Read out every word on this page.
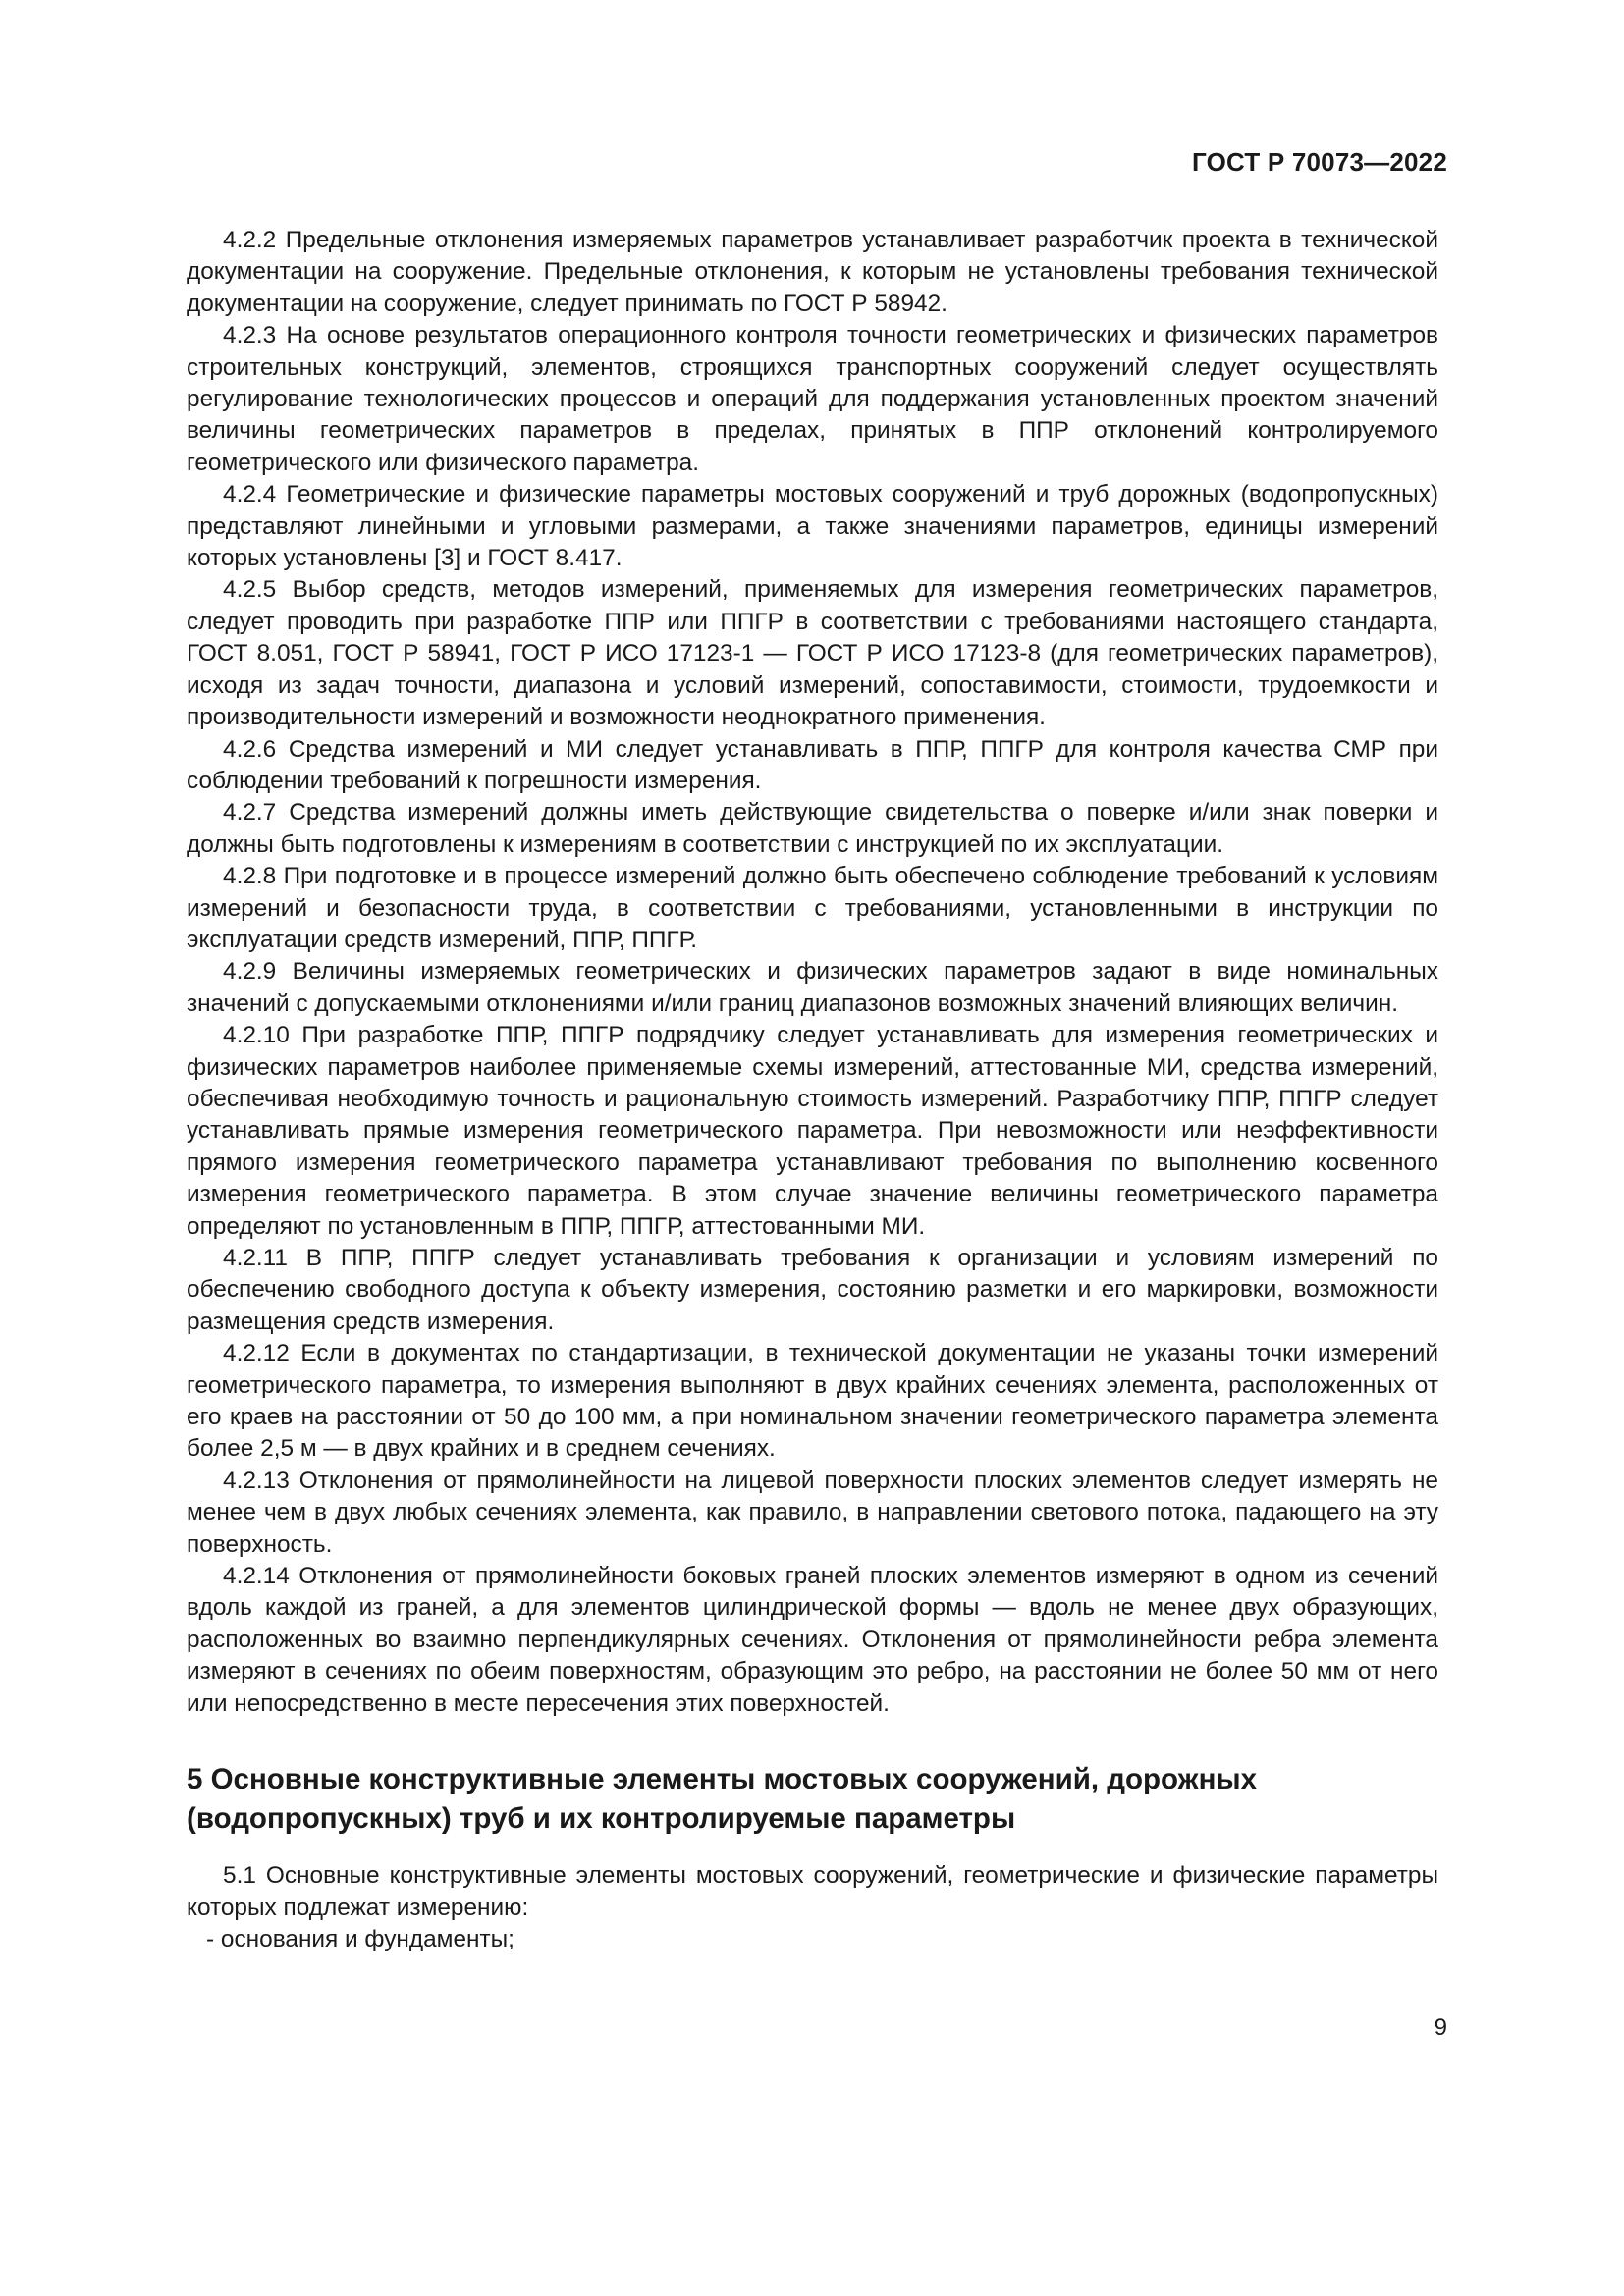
ГОСТ Р 70073—2022

4.2.2 Предельные отклонения измеряемых параметров устанавливает разработчик проекта в технической документации на сооружение. Предельные отклонения, к которым не установлены требования технической документации на сооружение, следует принимать по ГОСТ Р 58942.

4.2.3 На основе результатов операционного контроля точности геометрических и физических параметров строительных конструкций, элементов, строящихся транспортных сооружений следует осуществлять регулирование технологических процессов и операций для поддержания установленных проектом значений величины геометрических параметров в пределах, принятых в ППР отклонений контролируемого геометрического или физического параметра.

4.2.4 Геометрические и физические параметры мостовых сооружений и труб дорожных (водопропускных) представляют линейными и угловыми размерами, а также значениями параметров, единицы измерений которых установлены [3] и ГОСТ 8.417.

4.2.5 Выбор средств, методов измерений, применяемых для измерения геометрических параметров, следует проводить при разработке ППР или ППГР в соответствии с требованиями настоящего стандарта, ГОСТ 8.051, ГОСТ Р 58941, ГОСТ Р ИСО 17123-1 — ГОСТ Р ИСО 17123-8 (для геометрических параметров), исходя из задач точности, диапазона и условий измерений, сопоставимости, стоимости, трудоемкости и производительности измерений и возможности неоднократного применения.

4.2.6 Средства измерений и МИ следует устанавливать в ППР, ППГР для контроля качества СМР при соблюдении требований к погрешности измерения.

4.2.7 Средства измерений должны иметь действующие свидетельства о поверке и/или знак поверки и должны быть подготовлены к измерениям в соответствии с инструкцией по их эксплуатации.

4.2.8 При подготовке и в процессе измерений должно быть обеспечено соблюдение требований к условиям измерений и безопасности труда, в соответствии с требованиями, установленными в инструкции по эксплуатации средств измерений, ППР, ППГР.

4.2.9 Величины измеряемых геометрических и физических параметров задают в виде номинальных значений с допускаемыми отклонениями и/или границ диапазонов возможных значений влияющих величин.

4.2.10 При разработке ППР, ППГР подрядчику следует устанавливать для измерения геометрических и физических параметров наиболее применяемые схемы измерений, аттестованные МИ, средства измерений, обеспечивая необходимую точность и рациональную стоимость измерений. Разработчику ППР, ППГР следует устанавливать прямые измерения геометрического параметра. При невозможности или неэффективности прямого измерения геометрического параметра устанавливают требования по выполнению косвенного измерения геометрического параметра. В этом случае значение величины геометрического параметра определяют по установленным в ППР, ППГР, аттестованными МИ.

4.2.11 В ППР, ППГР следует устанавливать требования к организации и условиям измерений по обеспечению свободного доступа к объекту измерения, состоянию разметки и его маркировки, возможности размещения средств измерения.

4.2.12 Если в документах по стандартизации, в технической документации не указаны точки измерений геометрического параметра, то измерения выполняют в двух крайних сечениях элемента, расположенных от его краев на расстоянии от 50 до 100 мм, а при номинальном значении геометрического параметра элемента более 2,5 м — в двух крайних и в среднем сечениях.

4.2.13 Отклонения от прямолинейности на лицевой поверхности плоских элементов следует измерять не менее чем в двух любых сечениях элемента, как правило, в направлении светового потока, падающего на эту поверхность.

4.2.14 Отклонения от прямолинейности боковых граней плоских элементов измеряют в одном из сечений вдоль каждой из граней, а для элементов цилиндрической формы — вдоль не менее двух образующих, расположенных во взаимно перпендикулярных сечениях. Отклонения от прямолинейности ребра элемента измеряют в сечениях по обеим поверхностям, образующим это ребро, на расстоянии не более 50 мм от него или непосредственно в месте пересечения этих поверхностей.

5 Основные конструктивные элементы мостовых сооружений, дорожных (водопропускных) труб и их контролируемые параметры

5.1 Основные конструктивные элементы мостовых сооружений, геометрические и физические параметры которых подлежат измерению:

- основания и фундаменты;

9
